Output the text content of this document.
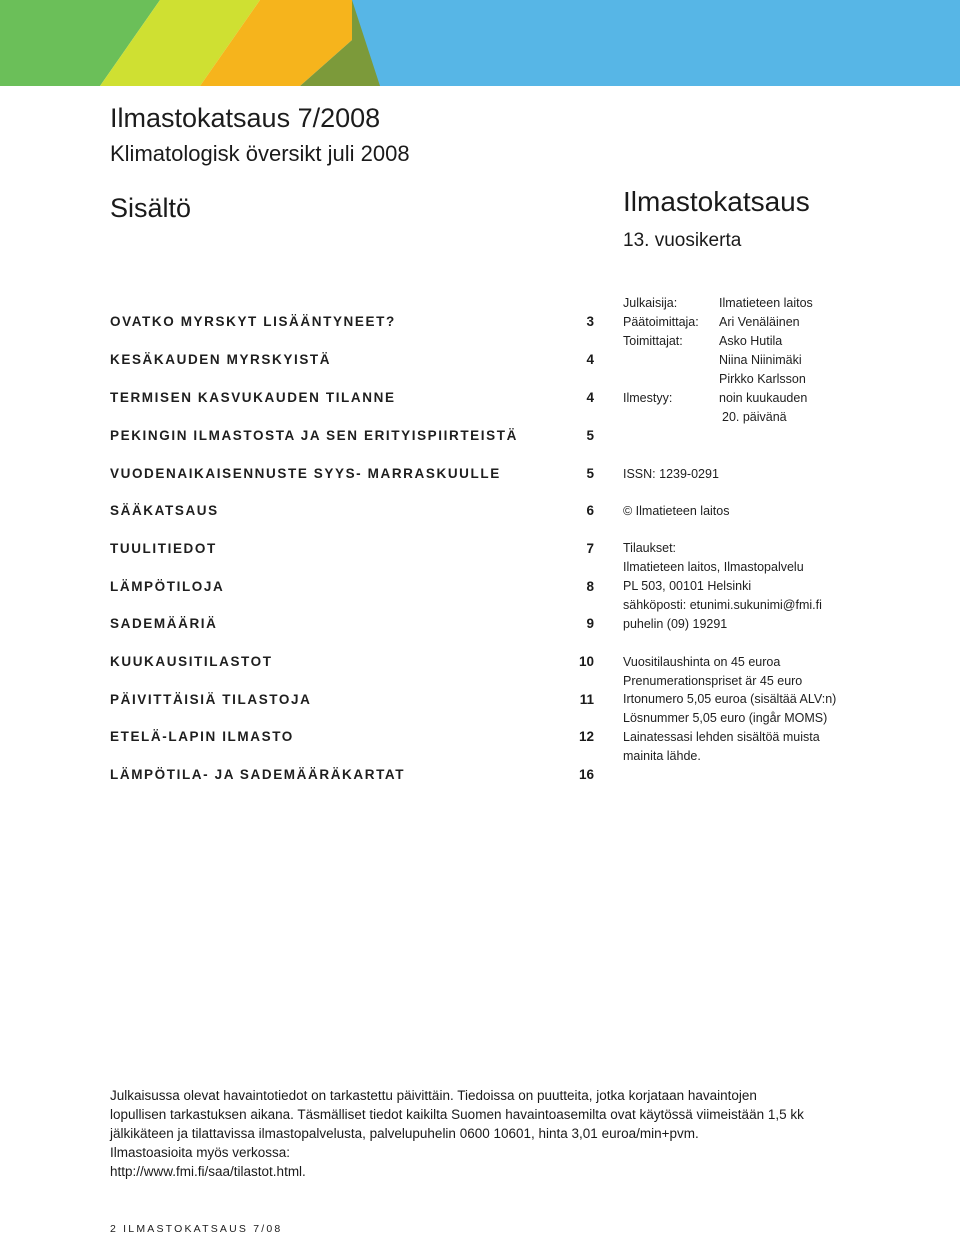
Ilmastokatsaus 7/2008
Klimatologisk översikt juli 2008
Sisältö	Ilmastokatsaus
13. vuosikerta
OVATKO MYRSKYT LISÄÄNTYNEET?	3
KESÄKAUDEN MYRSKYISTÄ	4
TERMISEN KASVUKAUDEN TILANNE	4
PEKINGIN ILMASTOSTA JA SEN ERITYISPIIRTEISTÄ	5
VUODENAIKAISENNUSTE SYYS- MARRASKUULLE	5
SÄÄKATSAUS	6
TUULITIEDOT	7
LÄMPÖTILOJA	8
SADEMÄÄRIÄ	9
KUUKAUSITILASTOT	10
PÄIVITTÄISIÄ TILASTOJA	11
ETELÄ-LAPIN ILMASTO	12
LÄMPÖTILA- JA SADEMÄÄRÄKARTAT	16
Julkaisija:	Ilmatieteen laitos
Päätoimittaja: Ari Venäläinen
Toimittajat:	Asko Hutila
Niina Niinimäki
Pirkko Karlsson
Ilmestyy:	noin kuukauden
20. päivänä
ISSN: 1239-0291
© Ilmatieteen laitos
Tilaukset:
Ilmatieteen laitos, Ilmastopalvelu
PL 503, 00101 Helsinki
sähköposti: etunimi.sukunimi@fmi.fi
puhelin (09) 19291
Vuositilaushinta on 45 euroa
Prenumerationspriset är 45 euro
Irtonumero 5,05 euroa (sisältää ALV:n)
Lösnummer 5,05 euro (ingår MOMS)
Lainatessasi lehden sisältöä muista
mainita lähde.

Julkaisussa olevat havaintotiedot on tarkastettu päivittäin. Tiedoissa on puutteita, jotka korjataan havaintojen

lopullisen tarkastuksen aikana. Täsmälliset tiedot kaikilta Suomen havaintoasemilta ovat käytössä viimeistään 1,5 kk

jälkikäteen ja tilattavissa ilmastopalvelusta, palvelupuhelin 0600 10601, hinta 3,01 euroa/min+pvm.

Ilmastoasioita myös verkossa:

http://www.fmi.fi/saa/tilastot.html.

2 ILMASTOKATSAUS 7/08
